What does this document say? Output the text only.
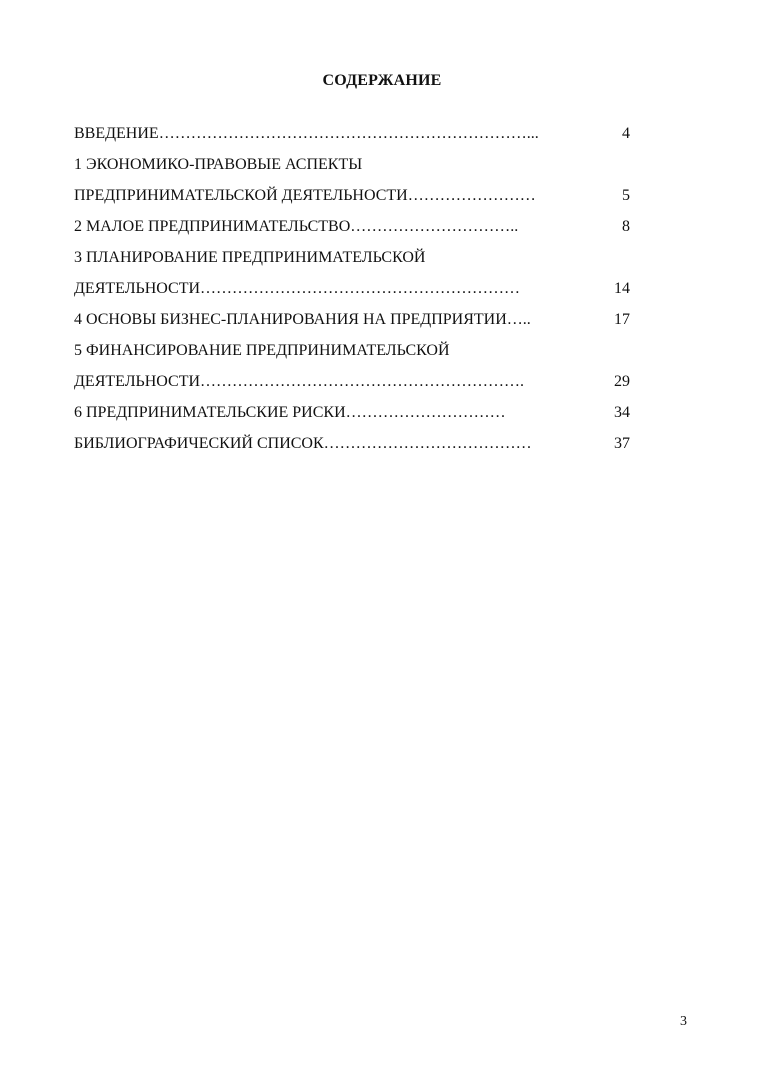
СОДЕРЖАНИЕ
ВВЕДЕНИЕ……………………………………………………………...	4
1 ЭКОНОМИКО-ПРАВОВЫЕ АСПЕКТЫ
ПРЕДПРИНИМАТЕЛЬСКОЙ ДЕЯТЕЛЬНОСТИ……………………	5
2 МАЛОЕ ПРЕДПРИНИМАТЕЛЬСТВО…………………………..	8
3 ПЛАНИРОВАНИЕ ПРЕДПРИНИМАТЕЛЬСКОЙ
ДЕЯТЕЛЬНОСТИ……………………………………………………	14
4 ОСНОВЫ БИЗНЕС-ПЛАНИРОВАНИЯ НА ПРЕДПРИЯТИИ…..	17
5 ФИНАНСИРОВАНИЕ ПРЕДПРИНИМАТЕЛЬСКОЙ
ДЕЯТЕЛЬНОСТИ…………………………………………………….	29
6 ПРЕДПРИНИМАТЕЛЬСКИЕ РИСКИ…………………………	34
БИБЛИОГРАФИЧЕСКИЙ СПИСОК…………………………………	37
3
